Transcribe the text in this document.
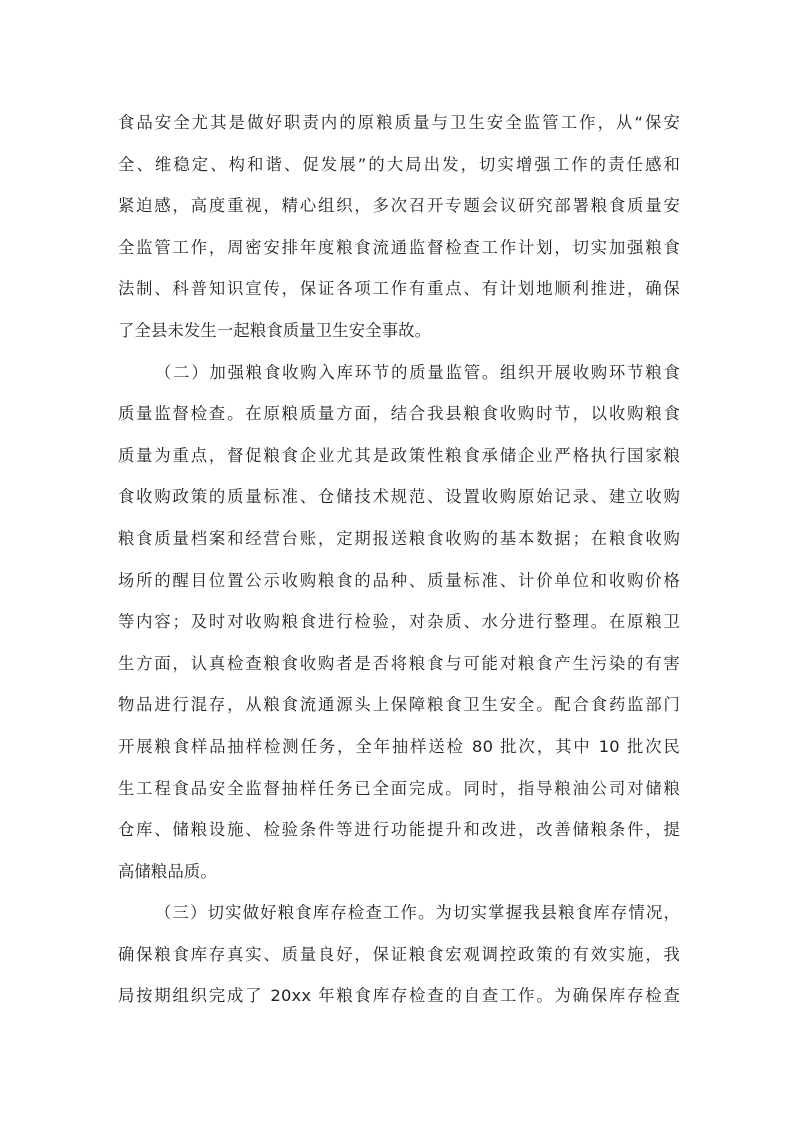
食品安全尤其是做好职责内的原粮质量与卫生安全监管工作，从“保安
全、维稳定、构和谐、促发展”的大局出发，切实增强工作的责任感和
紧迫感，高度重视，精心组织，多次召开专题会议研究部署粮食质量安
全监管工作，周密安排年度粮食流通监督检查工作计划，切实加强粮食
法制、科普知识宣传，保证各项工作有重点、有计划地顺利推进，确保
了全县未发生一起粮食质量卫生安全事故。
（二）加强粮食收购入库环节的质量监管。组织开展收购环节粮食
质量监督检查。在原粮质量方面，结合我县粮食收购时节，以收购粮食
质量为重点，督促粮食企业尤其是政策性粮食承储企业严格执行国家粮
食收购政策的质量标准、仓储技术规范、设置收购原始记录、建立收购
粮食质量档案和经营台账，定期报送粮食收购的基本数据；在粮食收购
场所的醒目位置公示收购粮食的品种、质量标准、计价单位和收购价格
等内容；及时对收购粮食进行检验，对杂质、水分进行整理。在原粮卫
生方面，认真检查粮食收购者是否将粮食与可能对粮食产生污染的有害
物品进行混存，从粮食流通源头上保障粮食卫生安全。配合食药监部门
开展粮食样品抽样检测任务，全年抽样送检 80 批次，其中 10 批次民
生工程食品安全监督抽样任务已全面完成。同时，指导粮油公司对储粮
仓库、储粮设施、检验条件等进行功能提升和改进，改善储粮条件，提
高储粮品质。
（三）切实做好粮食库存检查工作。为切实掌握我县粮食库存情况，
确保粮食库存真实、质量良好，保证粮食宏观调控政策的有效实施，我
局按期组织完成了 20xx 年粮食库存检查的自查工作。为确保库存检查
